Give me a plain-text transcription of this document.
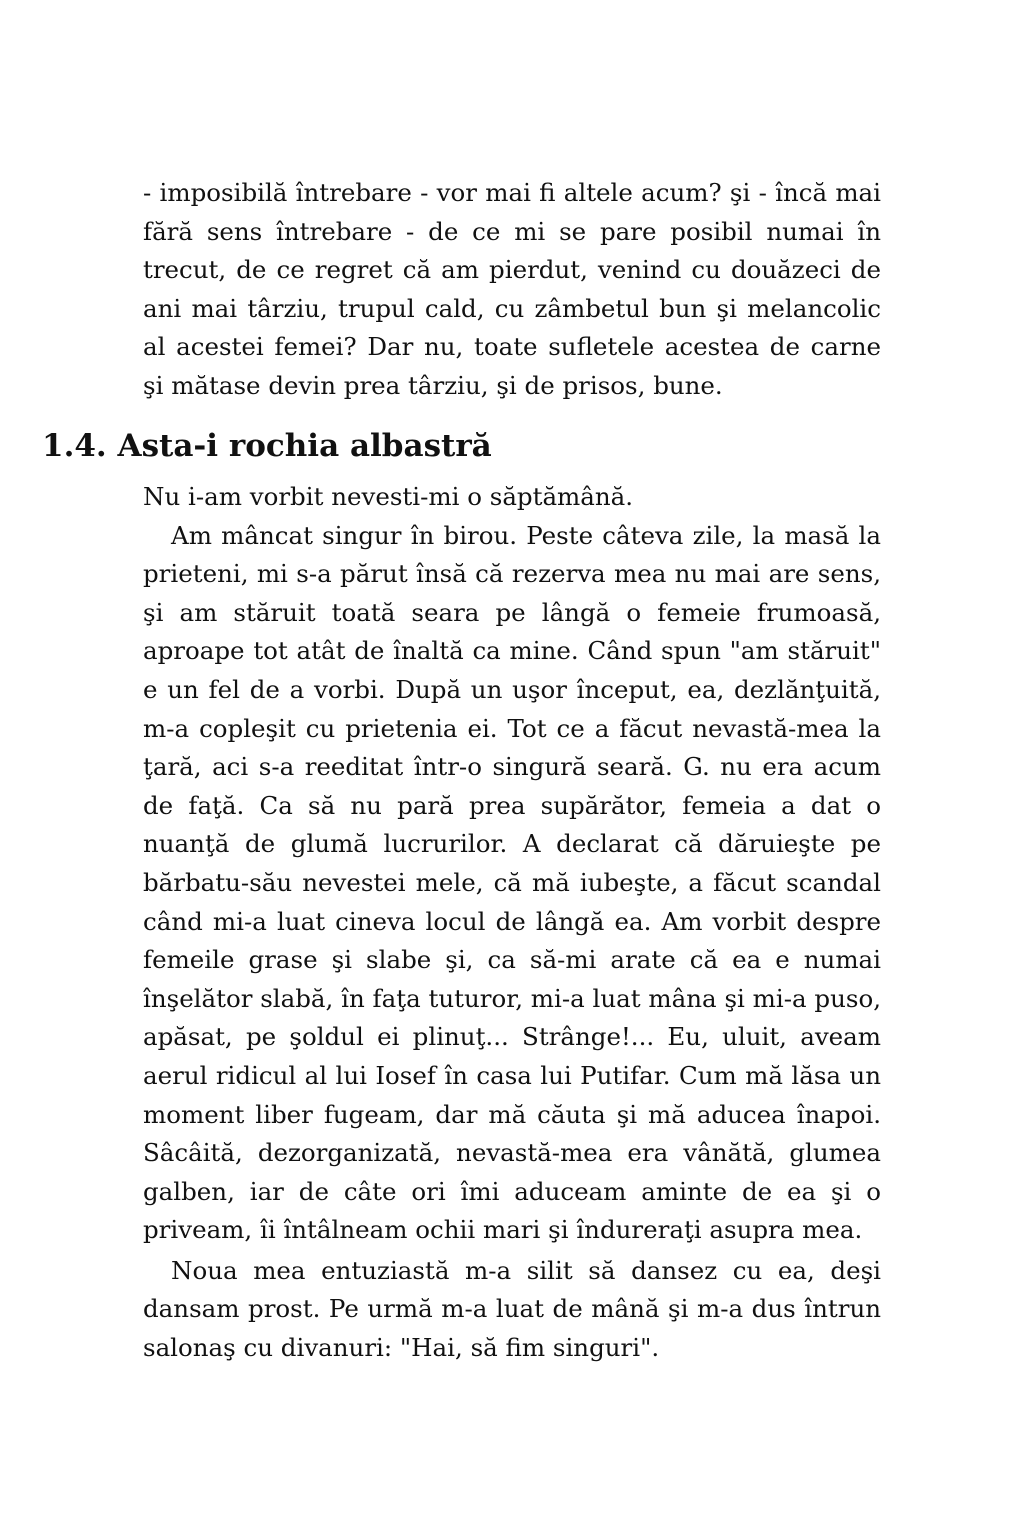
- imposibilă întrebare - vor mai fi altele acum? şi - încă mai fără sens întrebare - de ce mi se pare posibil numai în trecut, de ce regret că am pierdut, venind cu douăzeci de ani mai târziu, trupul cald, cu zâmbetul bun şi melancolic al acestei femei? Dar nu, toate sufletele acestea de carne şi mătase devin prea târziu, şi de prisos, bune.

1.4. Asta-i rochia albastră

Nu i-am vorbit nevesti-mi o săptămână.

Am mâncat singur în birou. Peste câteva zile, la masă la prieteni, mi s-a părut însă că rezerva mea nu mai are sens, şi am stăruit toată seara pe lângă o femeie frumoasă, aproape tot atât de înaltă ca mine. Când spun "am stăruit" e un fel de a vorbi. După un uşor început, ea, dezlănţuită, m-a copleşit cu prietenia ei. Tot ce a făcut nevastă-mea la ţară, aci s-a reeditat într-o singură seară. G. nu era acum de faţă. Ca să nu pară prea supărător, femeia a dat o nuanţă de glumă lucrurilor. A declarat că dăruieşte pe bărbatu-său nevestei mele, că mă iubeşte, a făcut scandal când mi-a luat cineva locul de lângă ea. Am vorbit despre femeile grase şi slabe şi, ca să-mi arate că ea e numai înşelător slabă, în faţa tuturor, mi-a luat mâna şi mi-a puso, apăsat, pe şoldul ei plinuţ... Strânge!... Eu, uluit, aveam aerul ridicul al lui Iosef în casa lui Putifar. Cum mă lăsa un moment liber fugeam, dar mă căuta şi mă aducea înapoi. Sâcâită, dezorganizată, nevastă-mea era vânătă, glumea galben, iar de câte ori îmi aduceam aminte de ea şi o priveam, îi întâlneam ochii mari şi îndureraţi asupra mea.

Noua mea entuziastă m-a silit să dansez cu ea, deşi dansam prost. Pe urmă m-a luat de mână şi m-a dus întrun salonaş cu divanuri: "Hai, să fim singuri".
